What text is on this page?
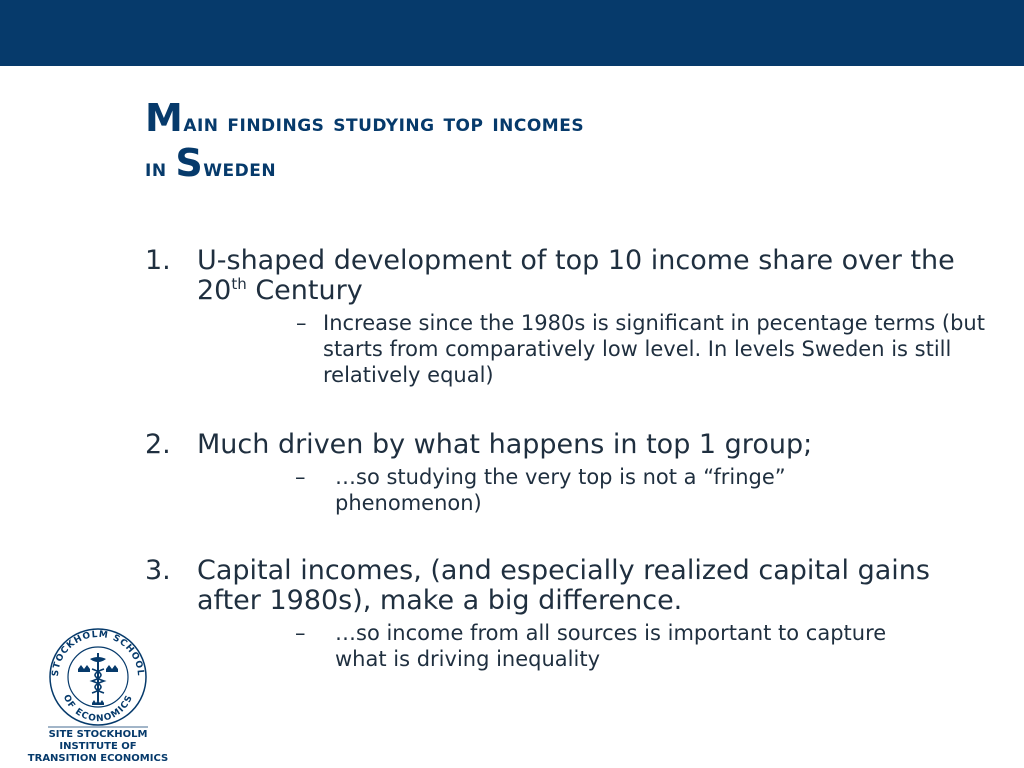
Main findings studying top incomes
in Sweden
1. U-shaped development of top 10 income share over the 20th Century
– Increase since the 1980s is significant in pecentage terms (but starts from comparatively low level. In levels Sweden is still relatively equal)
2. Much driven by what happens in top 1 group;
– …so studying the very top is not a “fringe” phenomenon)
3. Capital incomes, (and especially realized capital gains after 1980s), make a big difference.
– …so income from all sources is important to capture what is driving inequality
STOCKHOLM SCHOOL
OF ECONOMICS
SITE STOCKHOLM INSTITUTE OF
TRANSITION ECONOMICS
